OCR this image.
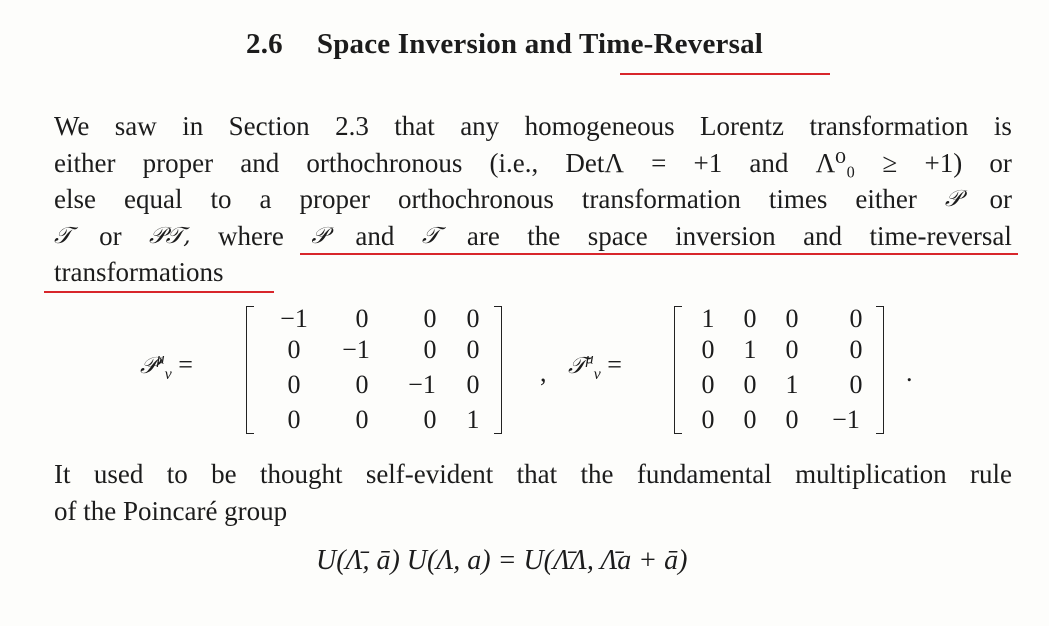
2.6 Space Inversion and Time-Reversal
We saw in Section 2.3 that any homogeneous Lorentz transformation is
either proper and orthochronous (i.e., DetΛ = +1 and Λ⁰₀ ≥ +1) or
else equal to a proper orthochronous transformation times either 𝒫 or
𝒯 or 𝒫𝒯, where 𝒫 and 𝒯 are the space inversion and time-reversal
transformations
𝒫$^\mu_\nu$ =
−1	0	0	0
0	−1	0	0
0	0	−1	0
0	0	0	1
, 𝒯$^\mu_\nu$ =
1	0	0	0
0	1	0	0
0	0	1	0
0	0	0	−1
.
It used to be thought self-evident that the fundamental multiplication rule
of the Poincaré group
U(Λ̄, ā) U(Λ, a) = U(Λ̄Λ, Λ̄a + ā)
